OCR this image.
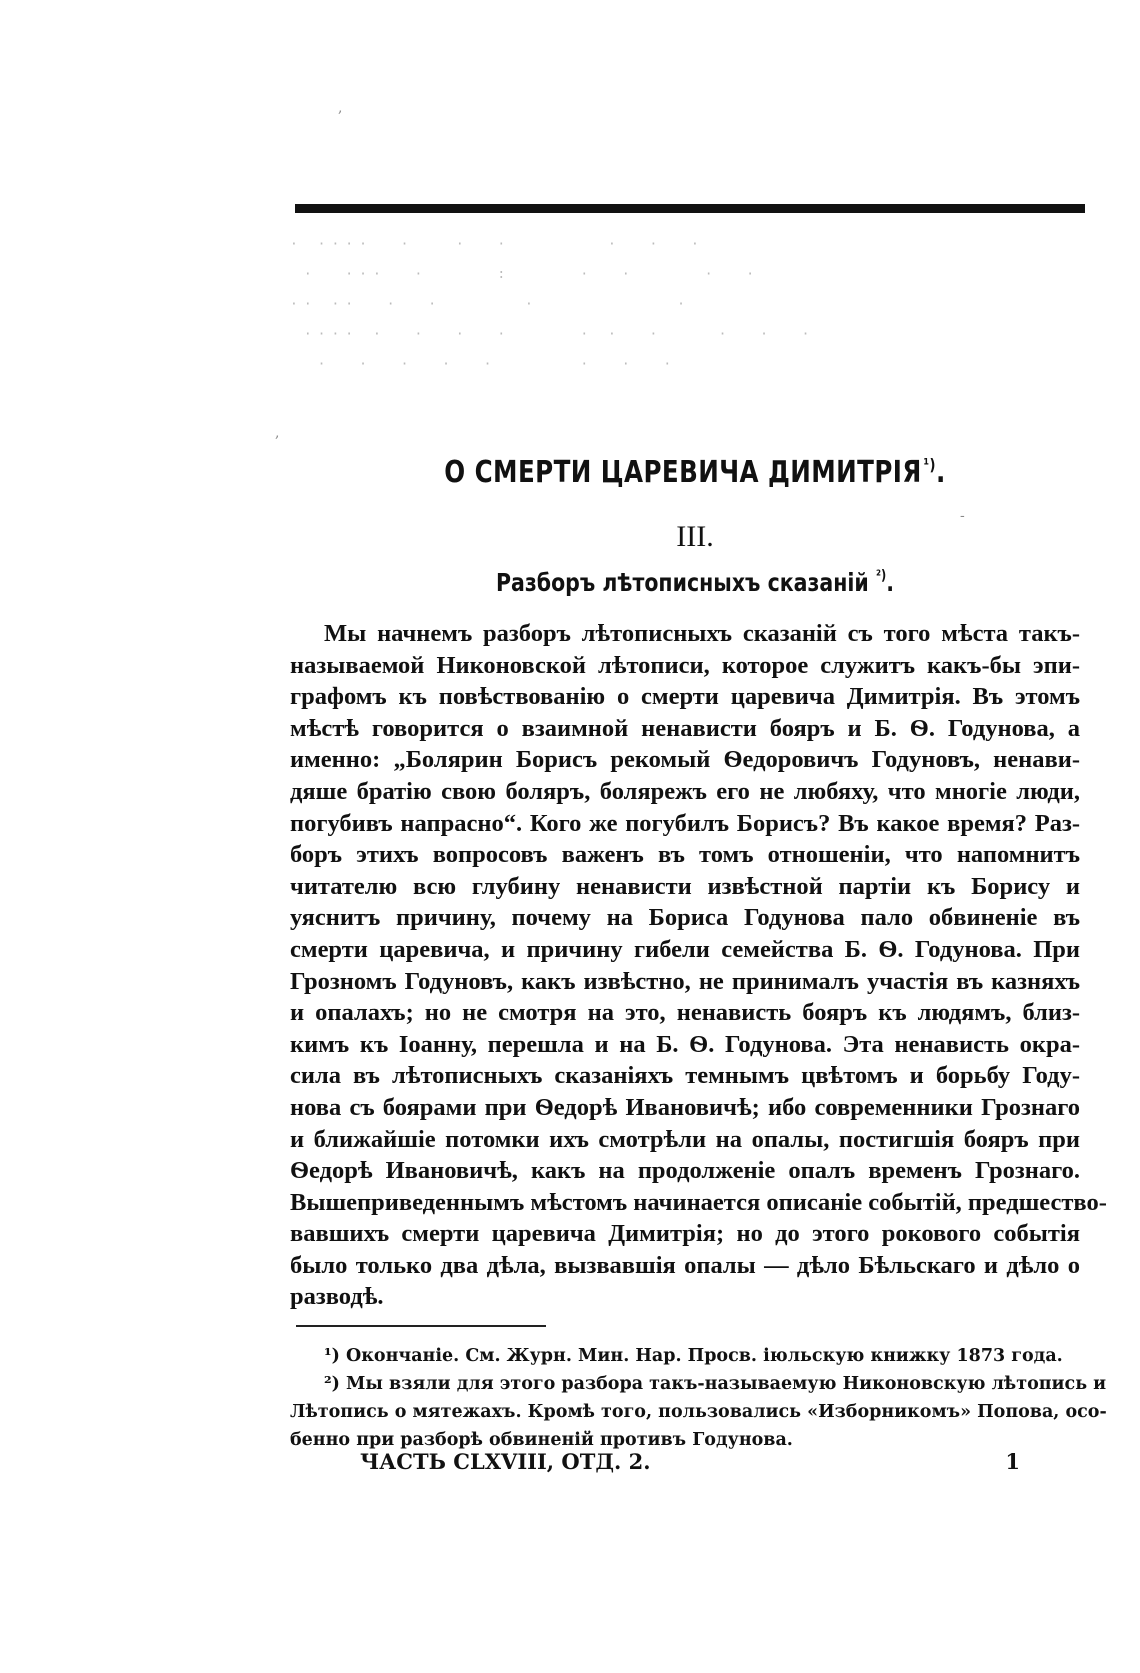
· ····  ·   ·  ·       ·  ·  ·
·  ···  ·     :     ·  ·     ·  ·
·· ··  ·  ·      ·          ·
···· ·  ·  ·  ·     · ·  ·    ·  ·  ·
·  ·  ·  ·  ·      ·  ·  ·
,
,
-
О СМЕРТИ ЦАРЕВИЧА ДИМИТРІЯ $^{^1)}$.
III.
Разборъ лѣтописныхъ сказаній $^{^2)}$.
Мы начнемъ разборъ лѣтописныхъ сказаній съ того мѣста такъ-
называемой Никоновской лѣтописи, которое служитъ какъ-бы эпи-
графомъ къ повѣствованію о смерти царевича Димитрія. Въ этомъ
мѣстѣ говорится о взаимной ненависти бояръ и Б. Ѳ. Годунова, а
именно: „Болярин Борисъ рекомый Ѳедоровичъ Годуновъ, ненави-
дяше братію свою боляръ, болярежъ его не любяху, что многіе люди,
погубивъ напрасно“. Кого же погубилъ Борисъ? Въ какое время? Раз-
боръ этихъ вопросовъ важенъ въ томъ отношеніи, что напомнитъ
читателю всю глубину ненависти извѣстной партіи къ Борису и
уяснитъ причину, почему на Бориса Годунова пало обвиненіе въ
смерти царевича, и причину гибели семейства Б. Ѳ. Годунова. При
Грозномъ Годуновъ, какъ извѣстно, не принималъ участія въ казняхъ
и опалахъ; но не смотря на это, ненависть бояръ къ людямъ, близ-
кимъ къ Іоанну, перешла и на Б. Ѳ. Годунова. Эта ненависть окра-
сила въ лѣтописныхъ сказаніяхъ темнымъ цвѣтомъ и борьбу Году-
нова съ боярами при Ѳедорѣ Ивановичѣ; ибо современники Грознаго
и ближайшіе потомки ихъ смотрѣли на опалы, постигшія бояръ при
Ѳедорѣ Ивановичѣ, какъ на продолженіе опалъ временъ Грознаго.
Вышеприведеннымъ мѣстомъ начинается описаніе событій, предшество-
вавшихъ смерти царевича Димитрія; но до этого рокового событія
было только два дѣла, вызвавшія опалы — дѣло Бѣльскаго и дѣло о
разводѣ.
¹) Окончаніе. См. Журн. Мин. Нар. Просв. іюльскую книжку 1873 года.
²) Мы взяли для этого разбора такъ-называемую Никоновскую лѣтопись и
Лѣтопись о мятежахъ. Кромѣ того, пользовались «Изборникомъ» Попова, осо-
бенно при разборѣ обвиненій противъ Годунова.
ЧАСТЬ CLXVIII, ОТД. 2.	1
